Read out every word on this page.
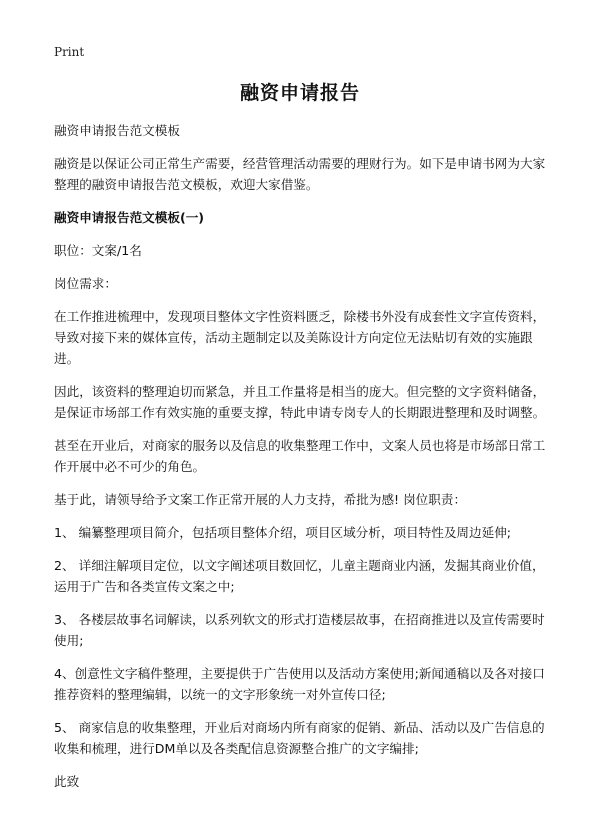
Print
融资申请报告

融资申请报告范文模板

融资是以保证公司正常生产需要，经营管理活动需要的理财行为。如下是申请书网为大家整理的融资申请报告范文模板，欢迎大家借鉴。

融资申请报告范文模板(一)

职位：文案/1名

岗位需求：

在工作推进梳理中，发现项目整体文字性资料匮乏，除楼书外没有成套性文字宣传资料，导致对接下来的媒体宣传，活动主题制定以及美陈设计方向定位无法贴切有效的实施跟进。

因此，该资料的整理迫切而紧急，并且工作量将是相当的庞大。但完整的文字资料储备，是保证市场部工作有效实施的重要支撑，特此申请专岗专人的长期跟进整理和及时调整。

甚至在开业后，对商家的服务以及信息的收集整理工作中，文案人员也将是市场部日常工作开展中必不可少的角色。

基于此，请领导给予文案工作正常开展的人力支持，希批为感! 岗位职责：

1、 编纂整理项目简介，包括项目整体介绍，项目区域分析，项目特性及周边延伸;

2、 详细注解项目定位，以文字阐述项目数回忆，儿童主题商业内涵，发掘其商业价值，运用于广告和各类宣传文案之中;

3、 各楼层故事名词解读，以系列软文的形式打造楼层故事，在招商推进以及宣传需要时使用;

4、创意性文字稿件整理，主要提供于广告使用以及活动方案使用;新闻通稿以及各对接口推荐资料的整理编辑，以统一的文字形象统一对外宣传口径;

5、 商家信息的收集整理，开业后对商场内所有商家的促销、新品、活动以及广告信息的收集和梳理，进行DM单以及各类配信息资源整合推广的文字编排;

此致
